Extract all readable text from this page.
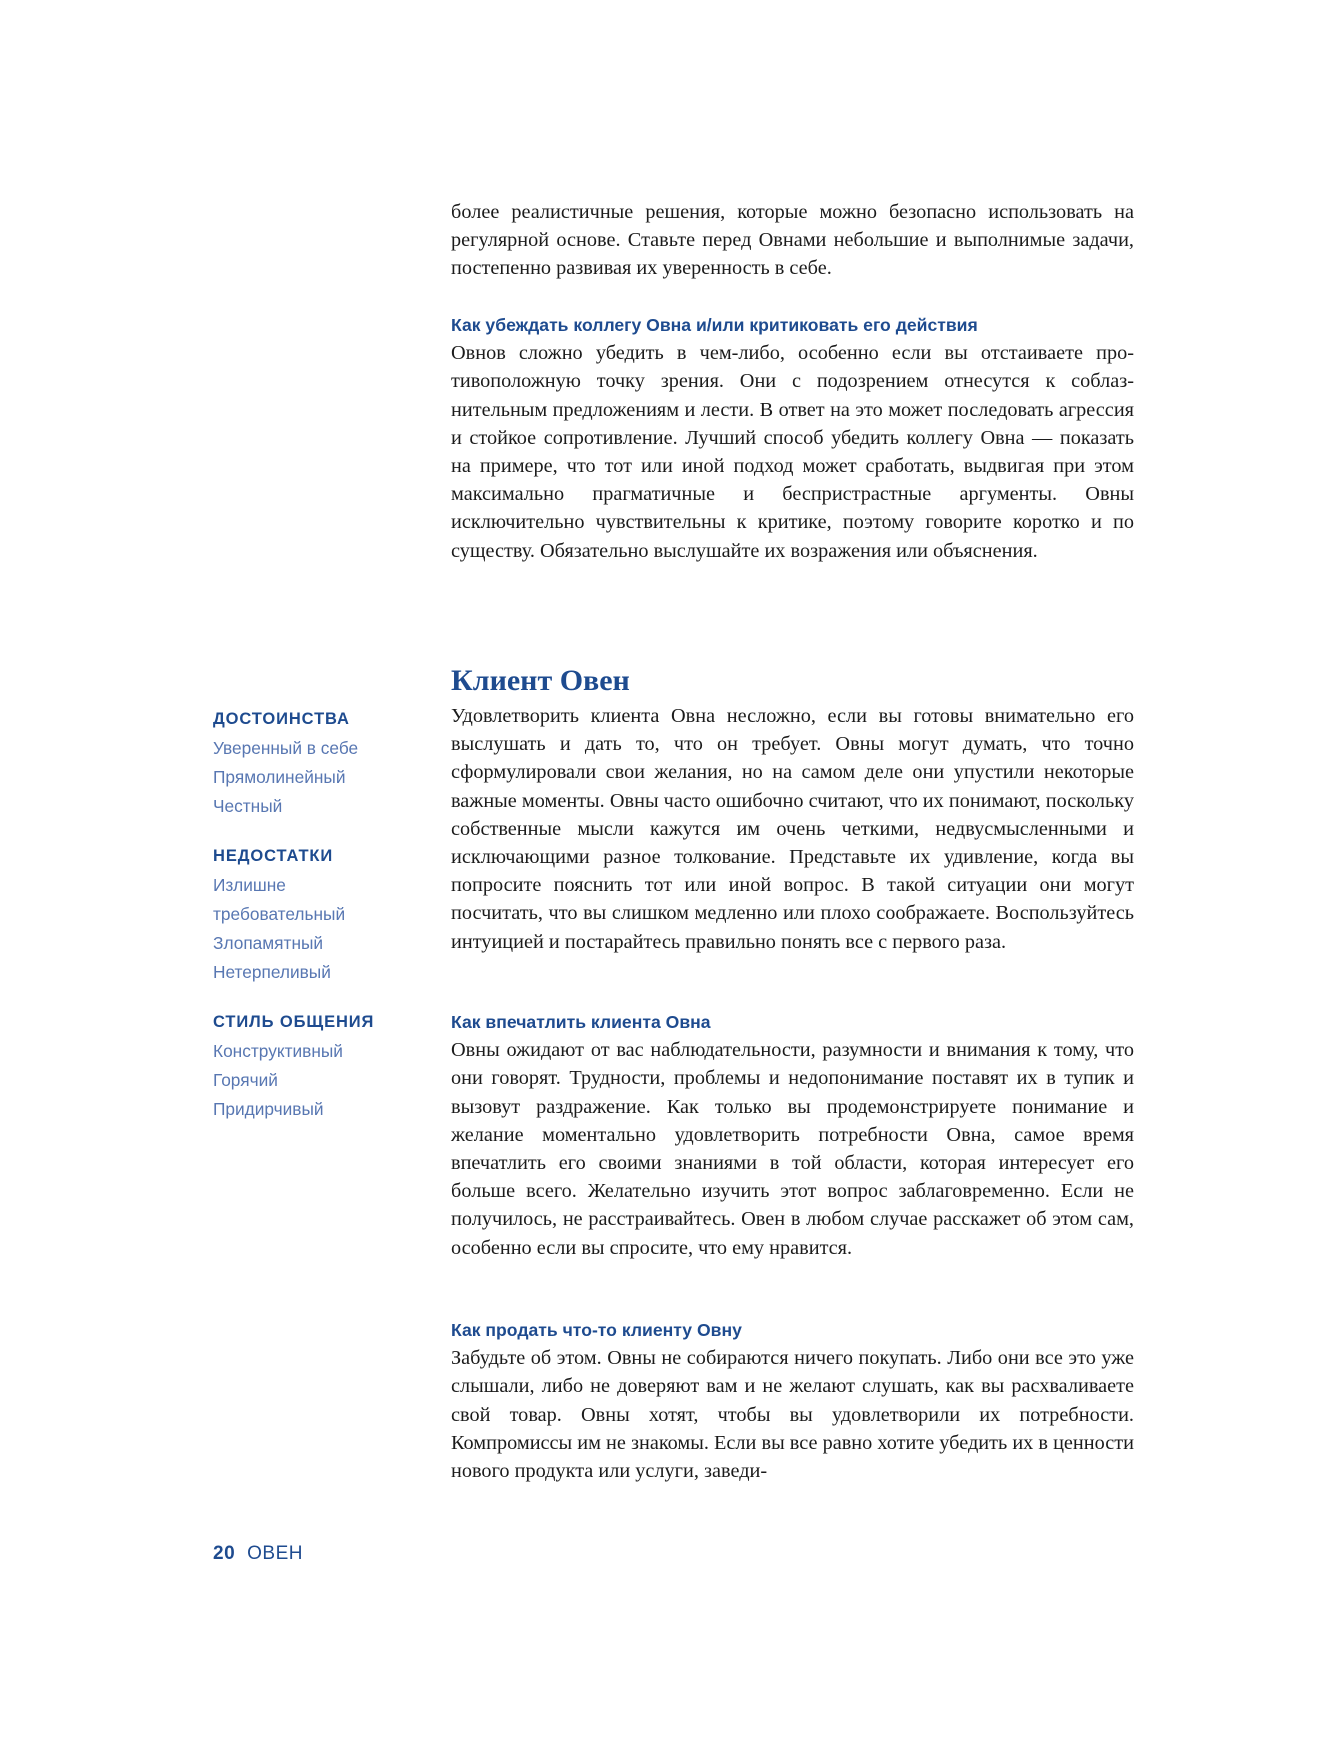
более реалистичные решения, которые можно безопасно использовать на регулярной основе. Ставьте перед Овнами небольшие и выполнимые задачи, постепенно развивая их уверенность в себе.

Как убеждать коллегу Овна и/или критиковать его действия

Овнов сложно убедить в чем-либо, особенно если вы отстаиваете противоположную точку зрения. Они с подозрением отнесутся к соблазнительным предложениям и лести. В ответ на это может последовать агрессия и стойкое сопротивление. Лучший способ убедить коллегу Овна — показать на примере, что тот или иной подход может сработать, выдвигая при этом максимально прагматичные и беспристрастные аргументы. Овны исключительно чувствительны к критике, поэтому говорите коротко и по существу. Обязательно выслушайте их возражения или объяснения.

Клиент Овен

Удовлетворить клиента Овна несложно, если вы готовы внимательно его выслушать и дать то, что он требует. Овны могут думать, что точно сформулировали свои желания, но на самом деле они упустили некоторые важные моменты. Овны часто ошибочно считают, что их понимают, поскольку собственные мысли кажутся им очень четкими, недвусмысленными и исключающими разное толкование. Представьте их удивление, когда вы попросите пояснить тот или иной вопрос. В такой ситуации они могут посчитать, что вы слишком медленно или плохо соображаете. Воспользуйтесь интуицией и постарайтесь правильно понять все с первого раза.

Как впечатлить клиента Овна

Овны ожидают от вас наблюдательности, разумности и внимания к тому, что они говорят. Трудности, проблемы и недопонимание поставят их в тупик и вызовут раздражение. Как только вы продемонстрируете понимание и желание моментально удовлетворить потребности Овна, самое время впечатлить его своими знаниями в той области, которая интересует его больше всего. Желательно изучить этот вопрос заблаговременно. Если не получилось, не расстраивайтесь. Овен в любом случае расскажет об этом сам, особенно если вы спросите, что ему нравится.

Как продать что-то клиенту Овну

Забудьте об этом. Овны не собираются ничего покупать. Либо они все это уже слышали, либо не доверяют вам и не желают слушать, как вы расхваливаете свой товар. Овны хотят, чтобы вы удовлетворили их потребности. Компромиссы им не знакомы. Если вы все равно хотите убедить их в ценности нового продукта или услуги, заведи-

ДОСТОИНСТВА

Уверенный в себе

Прямолинейный

Честный

НЕДОСТАТКИ

Излишне

требовательный

Злопамятный

Нетерпеливый

СТИЛЬ ОБЩЕНИЯ

Конструктивный

Горячий

Придирчивый

20 ОВЕН
